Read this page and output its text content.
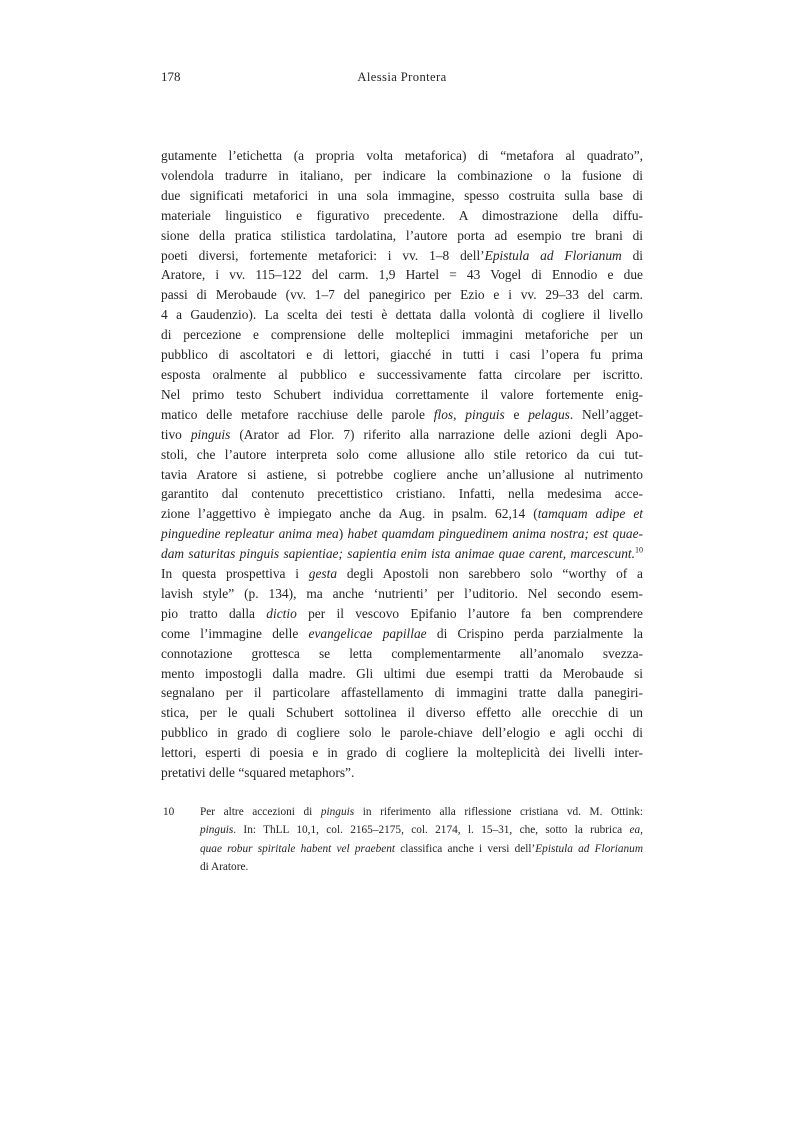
178	Alessia Prontera
gutamente l’etichetta (a propria volta metaforica) di “metafora al quadrato”,
volendola tradurre in italiano, per indicare la combinazione o la fusione di
due significati metaforici in una sola immagine, spesso costruita sulla base di
materiale linguistico e figurativo precedente. A dimostrazione della diffu-
sione della pratica stilistica tardolatina, l’autore porta ad esempio tre brani di
poeti diversi, fortemente metaforici: i vv. 1–8 dell’Epistula ad Florianum di
Aratore, i vv. 115–122 del carm. 1,9 Hartel = 43 Vogel di Ennodio e due
passi di Merobaude (vv. 1–7 del panegirico per Ezio e i vv. 29–33 del carm.
4 a Gaudenzio). La scelta dei testi è dettata dalla volontà di cogliere il livello
di percezione e comprensione delle molteplici immagini metaforiche per un
pubblico di ascoltatori e di lettori, giacché in tutti i casi l’opera fu prima
esposta oralmente al pubblico e successivamente fatta circolare per iscritto.
Nel primo testo Schubert individua correttamente il valore fortemente enig-
matico delle metafore racchiuse delle parole flos, pinguis e pelagus. Nell’agget-
tivo pinguis (Arator ad Flor. 7) riferito alla narrazione delle azioni degli Apo-
stoli, che l’autore interpreta solo come allusione allo stile retorico da cui tut-
tavia Aratore si astiene, si potrebbe cogliere anche un’allusione al nutrimento
garantito dal contenuto precettistico cristiano. Infatti, nella medesima acce-
zione l’aggettivo è impiegato anche da Aug. in psalm. 62,14 (tamquam adipe et
pinguedine repleatur anima mea) habet quamdam pinguedinem anima nostra; est quae-
dam saturitas pinguis sapientiae; sapientia enim ista animae quae carent, marcescunt.$^{10}$
In questa prospettiva i gesta degli Apostoli non sarebbero solo “worthy of a
lavish style” (p. 134), ma anche ‘nutrienti’ per l’uditorio. Nel secondo esem-
pio tratto dalla dictio per il vescovo Epifanio l’autore fa ben comprendere
come l’immagine delle evangelicae papillae di Crispino perda parzialmente la
connotazione grottesca se letta complementarmente all’anomalo svezza-
mento impostogli dalla madre. Gli ultimi due esempi tratti da Merobaude si
segnalano per il particolare affastellamento di immagini tratte dalla panegiri-
stica, per le quali Schubert sottolinea il diverso effetto alle orecchie di un
pubblico in grado di cogliere solo le parole-chiave dell’elogio e agli occhi di
lettori, esperti di poesia e in grado di cogliere la molteplicità dei livelli inter-
pretativi delle “squared metaphors”.
10 Per altre accezioni di pinguis in riferimento alla riflessione cristiana vd. M. Ottink:
pinguis. In: ThLL 10,1, col. 2165–2175, col. 2174, l. 15–31, che, sotto la rubrica ea,
quae robur spiritale habent vel praebent classifica anche i versi dell’Epistula ad Florianum
di Aratore.
